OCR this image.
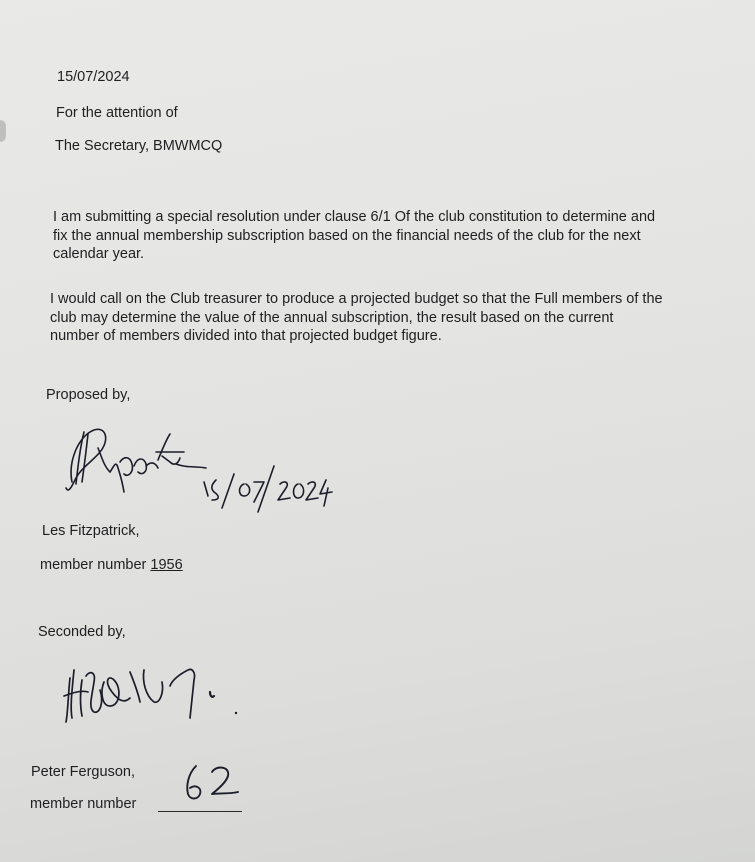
15/07/2024
For the attention of
The Secretary, BMWMCQ
I am submitting a special resolution under clause 6/1 Of the club constitution to determine and
fix the annual membership subscription based on the financial needs of the club for the next
calendar year.
I would call on the Club treasurer to produce a projected budget so that the Full members of the
club may determine the value of the annual subscription, the result based on the current
number of members divided into that projected budget figure.
Proposed by,
Les Fitzpatrick,
member number 1956
Seconded by,
Peter Ferguson,
member number
